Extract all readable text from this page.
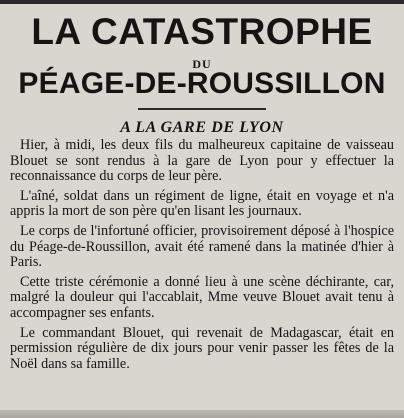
LA CATASTROPHE
DU
PÉAGE-DE-ROUSSILLON
A LA GARE DE LYON

Hier, à midi, les deux fils du malheureux capitaine de vaisseau Blouet se sont rendus à la gare de Lyon pour y effectuer la reconnaissance du corps de leur père.

L'aîné, soldat dans un régiment de ligne, était en voyage et n'a appris la mort de son père qu'en lisant les journaux.

Le corps de l'infortuné officier, provisoirement déposé à l'hospice du Péage-de-Roussillon, avait été ramené dans la matinée d'hier à Paris.

Cette triste cérémonie a donné lieu à une scène déchirante, car, malgré la douleur qui l'accablait, Mme veuve Blouet avait tenu à accompagner ses enfants.

Le commandant Blouet, qui revenait de Madagascar, était en permission régulière de dix jours pour venir passer les fêtes de la Noël dans sa famille.
